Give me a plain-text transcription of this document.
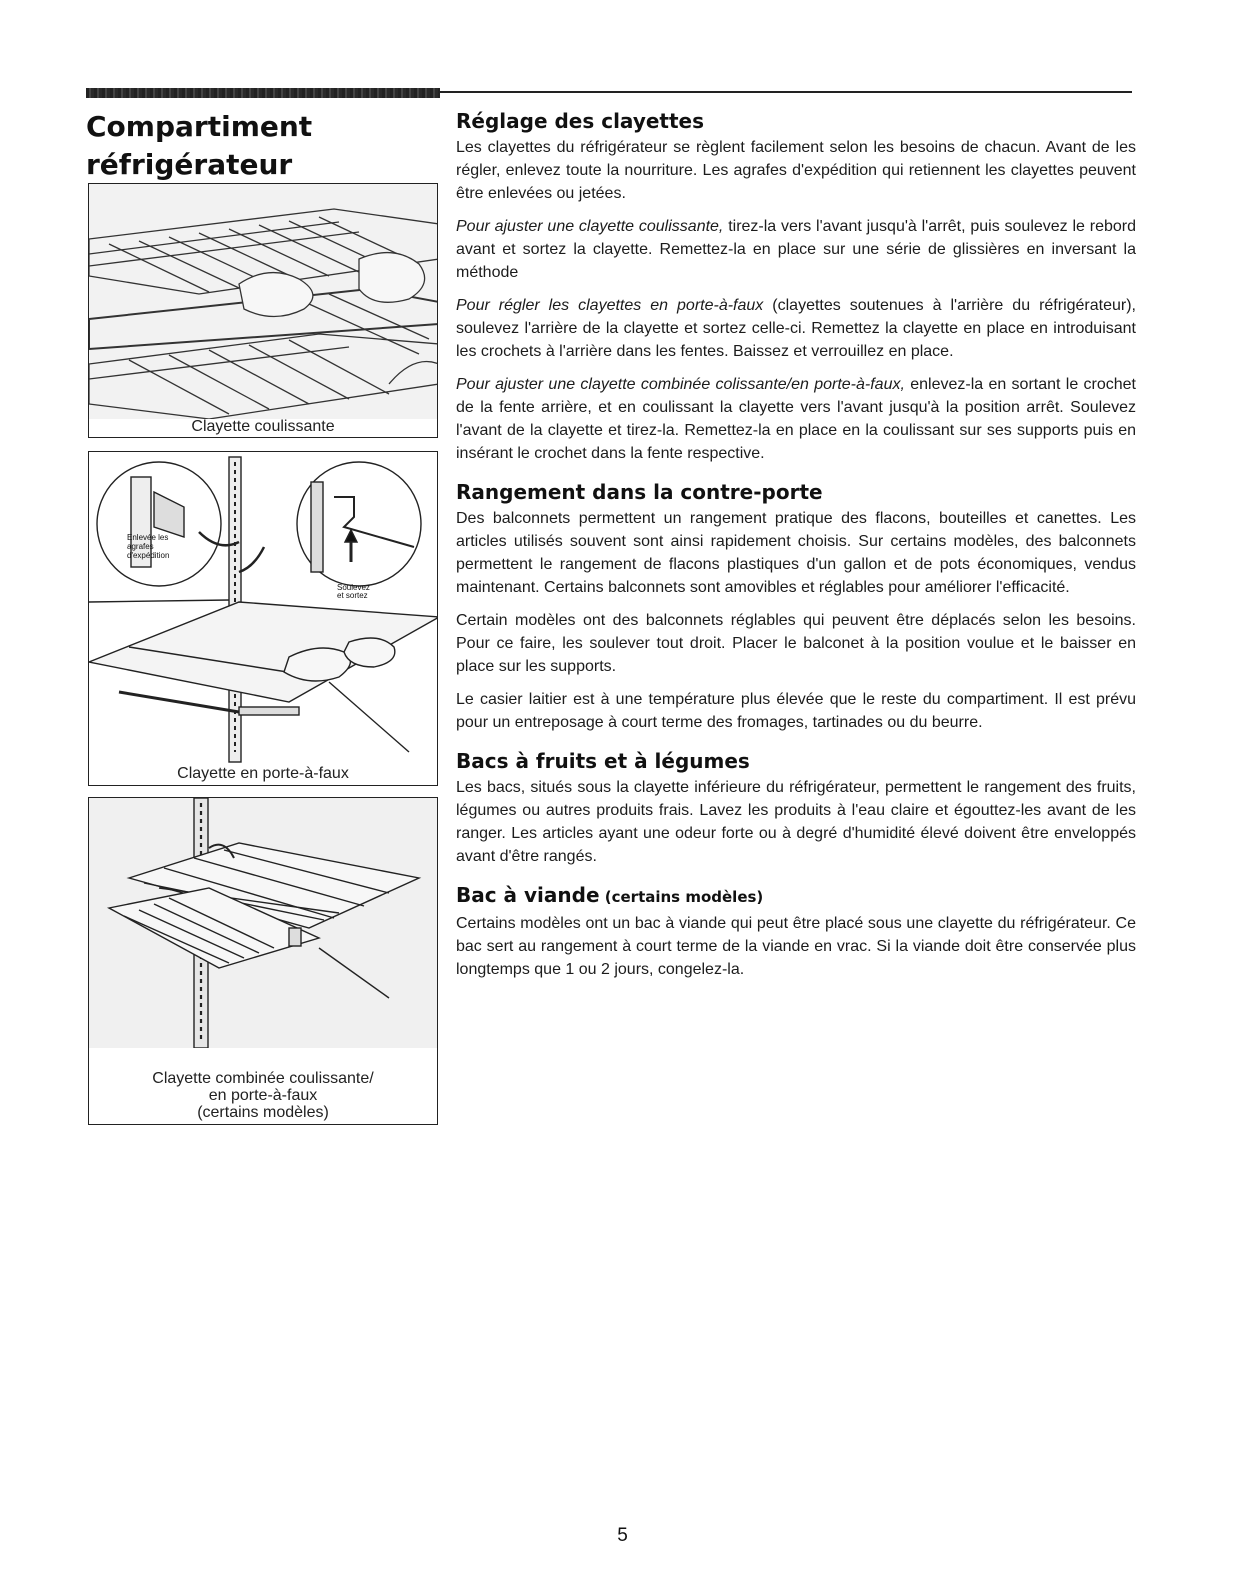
Compartiment
réfrigérateur
Clayette coulissante
Enlevée les
agrafes
d'expédition
Soulevez
et sortez
Clayette en porte-à-faux
Clayette combinée coulissante/
en porte-à-faux
(certains modèles)
Réglage des clayettes

Les clayettes du réfrigérateur se règlent facilement selon les besoins de chacun. Avant de les régler, enlevez toute la nourriture. Les agrafes d'expédition qui retiennent les clayettes peuvent être enlevées ou jetées.

Pour ajuster une clayette coulissante, tirez-la vers l'avant jusqu'à l'arrêt, puis soulevez le rebord avant et sortez la clayette. Remettez-la en place sur une série de glissières en inversant la méthode

Pour régler les clayettes en porte-à-faux (clayettes soutenues à l'arrière du réfrigérateur), soulevez l'arrière de la clayette et sortez celle-ci. Remettez la clayette en place en introduisant les crochets à l'arrière dans les fentes. Baissez et verrouillez en place.

Pour ajuster une clayette combinée colissante/en porte-à-faux, enlevez-la en sortant le crochet de la fente arrière, et en coulissant la clayette vers l'avant jusqu'à la position arrêt. Soulevez l'avant de la clayette et tirez-la. Remettez-la en place en la coulissant sur ses supports puis en insérant le crochet dans la fente respective.

Rangement dans la contre-porte

Des balconnets permettent un rangement pratique des flacons, bouteilles et canettes. Les articles utilisés souvent sont ainsi rapidement choisis. Sur certains modèles, des balconnets permettent le rangement de flacons plastiques d'un gallon et de pots économiques, vendus maintenant. Certains balconnets sont amovibles et réglables pour améliorer l'efficacité.

Certain modèles ont des balconnets réglables qui peuvent être déplacés selon les besoins. Pour ce faire, les soulever tout droit. Placer le balconet à la position voulue et le baisser en place sur les supports.

Le casier laitier est à une température plus élevée que le reste du compartiment. Il est prévu pour un entreposage à court terme des fromages, tartinades ou du beurre.

Bacs à fruits et à légumes

Les bacs, situés sous la clayette inférieure du réfrigérateur, permettent le rangement des fruits, légumes ou autres produits frais. Lavez les produits à l'eau claire et égouttez-les avant de les ranger. Les articles ayant une odeur forte ou à degré d'humidité élevé doivent être enveloppés avant d'être rangés.

Bac à viande (certains modèles)

Certains modèles ont un bac à viande qui peut être placé sous une clayette du réfrigérateur. Ce bac sert au rangement à court terme de la viande en vrac. Si la viande doit être conservée plus longtemps que 1 ou 2 jours, congelez-la.

5
